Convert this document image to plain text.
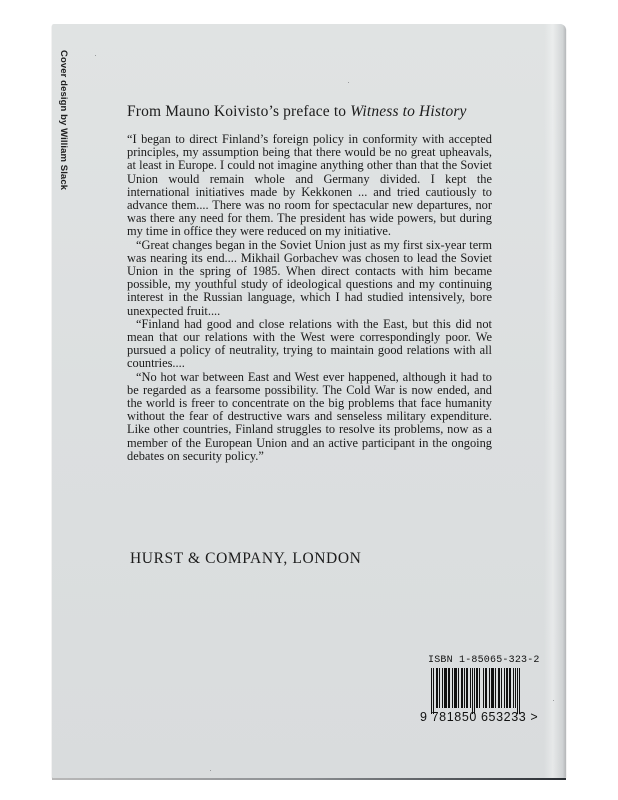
Cover design by William Slack	From Mauno Koivisto’s preface to Witness to History

“I began to direct Finland’s foreign policy in conformity with accepted principles, my assumption being that there would be no great upheavals, at least in Europe. I could not imagine anything other than that the Soviet Union would remain whole and Germany divided. I kept the international initiatives made by Kekkonen ... and tried cautiously to advance them.... There was no room for spectacular new departures, nor was there any need for them. The president has wide powers, but during my time in office they were reduced on my initiative.

“Great changes began in the Soviet Union just as my first six-year term was nearing its end.... Mikhail Gorbachev was chosen to lead the Soviet Union in the spring of 1985. When direct contacts with him became possible, my youthful study of ideological questions and my continuing interest in the Russian language, which I had studied intensively, bore unexpected fruit....

“Finland had good and close relations with the East, but this did not mean that our relations with the West were correspondingly poor. We pursued a policy of neutrality, trying to maintain good relations with all countries....

“No hot war between East and West ever happened, although it had to be regarded as a fearsome possibility. The Cold War is now ended, and the world is freer to concentrate on the big problems that face humanity without the fear of destructive wars and senseless military expenditure. Like other countries, Finland struggles to resolve its problems, now as a member of the European Union and an active participant in the ongoing debates on security policy.”

HURST & COMPANY, LONDON
ISBN 1-85065-323-2
9 781850 653233 >
